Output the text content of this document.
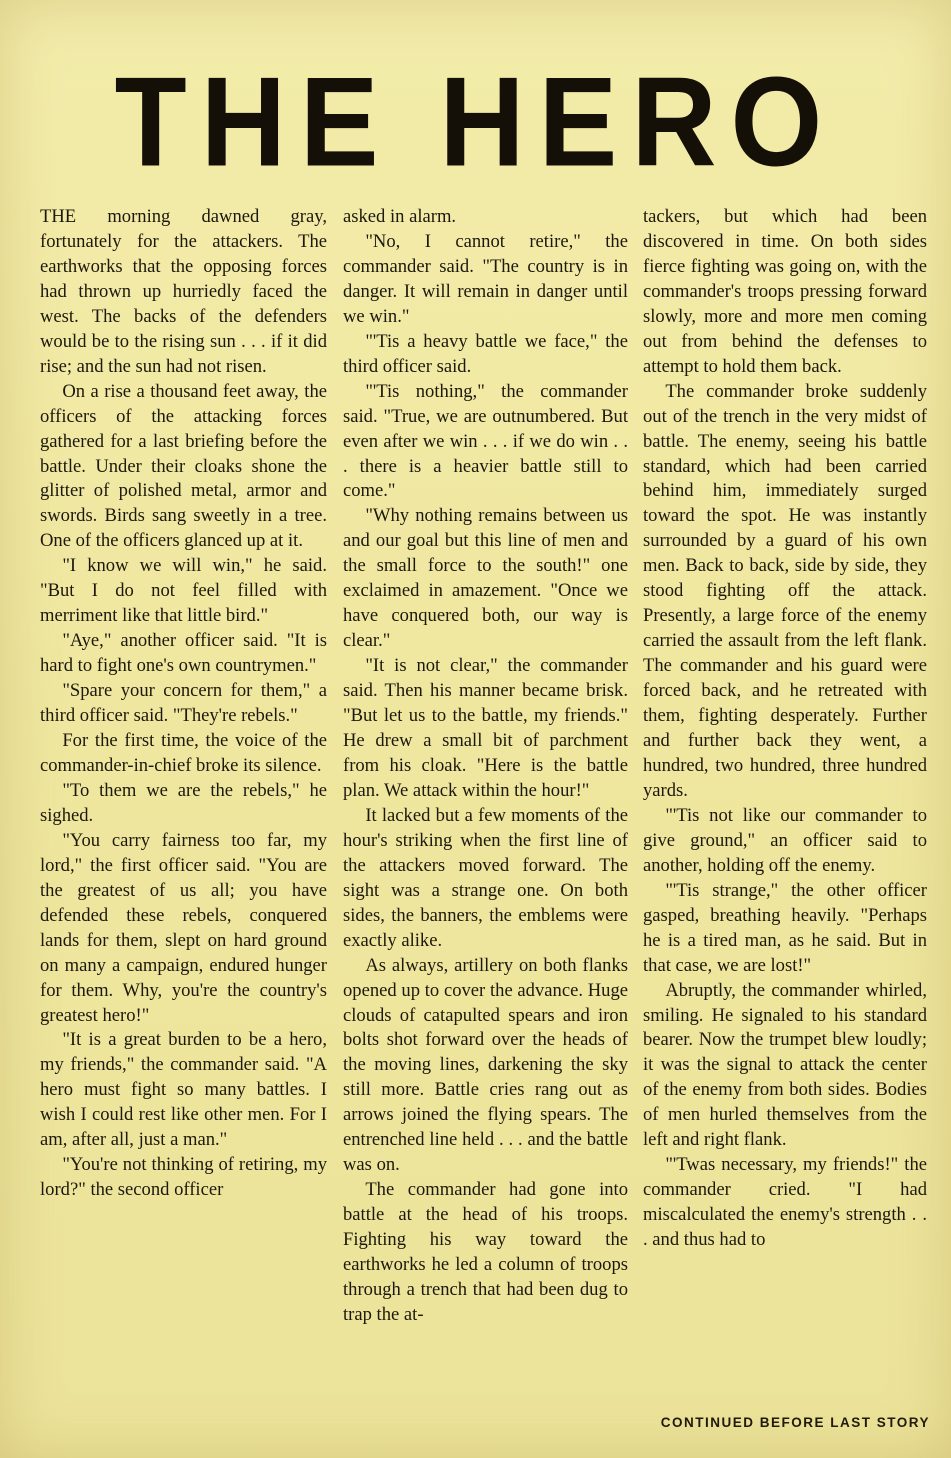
THE HERO

THE morning dawned gray, fortunately for the attackers. The earthworks that the opposing forces had thrown up hurriedly faced the west. The backs of the defenders would be to the rising sun . . . if it did rise; and the sun had not risen.

On a rise a thousand feet away, the officers of the attacking forces gathered for a last briefing before the battle. Under their cloaks shone the glitter of polished metal, armor and swords. Birds sang sweetly in a tree. One of the officers glanced up at it.

"I know we will win," he said. "But I do not feel filled with merriment like that little bird."

"Aye," another officer said. "It is hard to fight one's own countrymen."

"Spare your concern for them," a third officer said. "They're rebels."

For the first time, the voice of the commander-in-chief broke its silence.

"To them we are the rebels," he sighed.

"You carry fairness too far, my lord," the first officer said. "You are the greatest of us all; you have defended these rebels, conquered lands for them, slept on hard ground on many a campaign, endured hunger for them. Why, you're the country's greatest hero!"

"It is a great burden to be a hero, my friends," the commander said. "A hero must fight so many battles. I wish I could rest like other men. For I am, after all, just a man."

"You're not thinking of retiring, my lord?" the second officer

asked in alarm.

"No, I cannot retire," the commander said. "The country is in danger. It will remain in danger until we win."

"'Tis a heavy battle we face," the third officer said.

"'Tis nothing," the commander said. "True, we are outnumbered. But even after we win . . . if we do win . . . there is a heavier battle still to come."

"Why nothing remains between us and our goal but this line of men and the small force to the south!" one exclaimed in amazement. "Once we have conquered both, our way is clear."

"It is not clear," the commander said. Then his manner became brisk. "But let us to the battle, my friends." He drew a small bit of parchment from his cloak. "Here is the battle plan. We attack within the hour!"

It lacked but a few moments of the hour's striking when the first line of the attackers moved forward. The sight was a strange one. On both sides, the banners, the emblems were exactly alike.

As always, artillery on both flanks opened up to cover the advance. Huge clouds of catapulted spears and iron bolts shot forward over the heads of the moving lines, darkening the sky still more. Battle cries rang out as arrows joined the flying spears. The entrenched line held . . . and the battle was on.

The commander had gone into battle at the head of his troops. Fighting his way toward the earthworks he led a column of troops through a trench that had been dug to trap the at-

tackers, but which had been discovered in time. On both sides fierce fighting was going on, with the commander's troops pressing forward slowly, more and more men coming out from behind the defenses to attempt to hold them back.

The commander broke suddenly out of the trench in the very midst of battle. The enemy, seeing his battle standard, which had been carried behind him, immediately surged toward the spot. He was instantly surrounded by a guard of his own men. Back to back, side by side, they stood fighting off the attack. Presently, a large force of the enemy carried the assault from the left flank. The commander and his guard were forced back, and he retreated with them, fighting desperately. Further and further back they went, a hundred, two hundred, three hundred yards.

"'Tis not like our commander to give ground," an officer said to another, holding off the enemy.

"'Tis strange," the other officer gasped, breathing heavily. "Perhaps he is a tired man, as he said. But in that case, we are lost!"

Abruptly, the commander whirled, smiling. He signaled to his standard bearer. Now the trumpet blew loudly; it was the signal to attack the center of the enemy from both sides. Bodies of men hurled themselves from the left and right flank.

"'Twas necessary, my friends!" the commander cried. "I had miscalculated the enemy's strength . . . and thus had to

CONTINUED BEFORE LAST STORY
